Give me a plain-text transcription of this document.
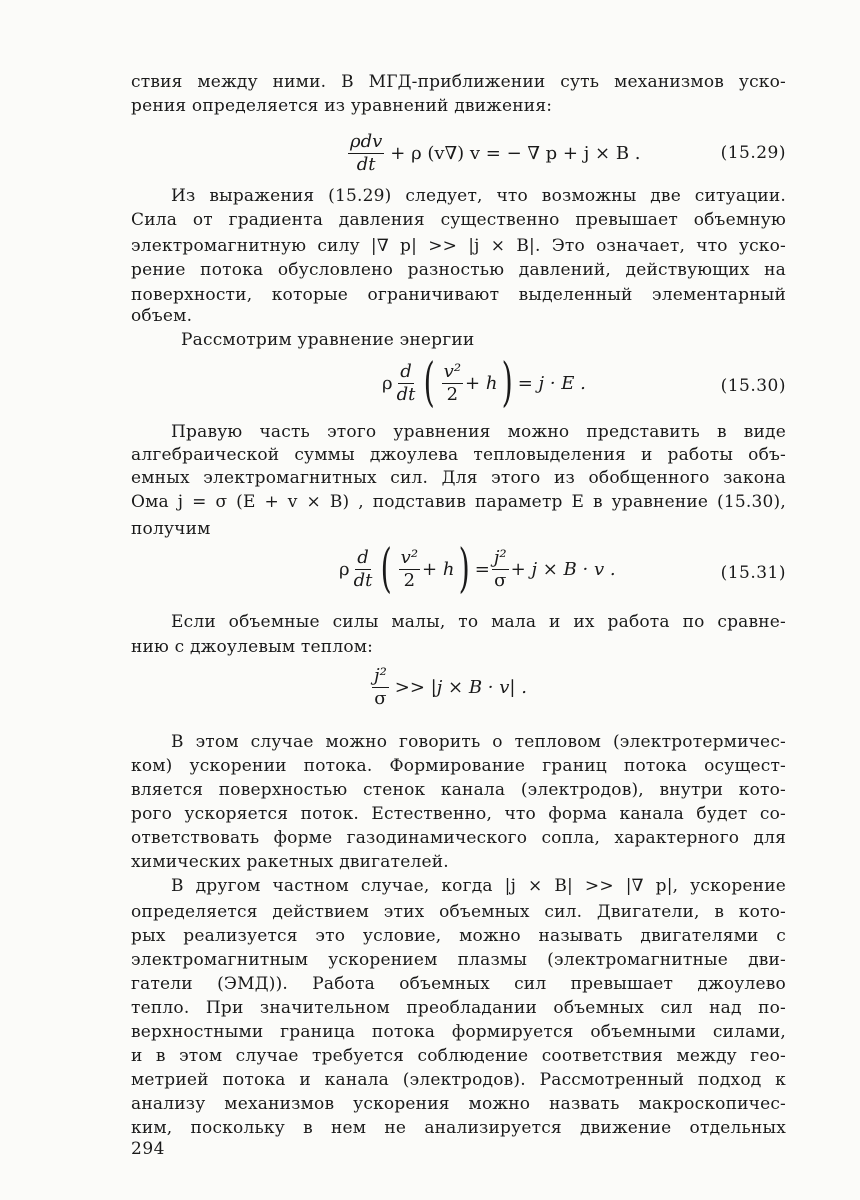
ствия между ними. В МГД-приближении суть механизмов уско-
рения определяется из уравнений движения:
$\frac{\text{ρdv}}{dt} + \rho$ (v∇) v = − ∇ p + j × B .	(15.29)
Из выражения (15.29) следует, что возможны две ситуации.
Сила от градиента давления существенно превышает объемную
электромагнитную силу |∇ p| >> |j × B|. Это означает, что уско-
рение потока обусловлено разностью давлений, действующих на
поверхности, которые ограничивают выделенный элементарный
объем.
Рассмотрим уравнение энергии
ρ $\frac{d}{dt}$ ( $\frac{\text{v²}}{2} + h$ ) = j · E .	(15.30)
Правую часть этого уравнения можно представить в виде
алгебраической суммы джоулева тепловыделения и работы объ-
емных электромагнитных сил. Для этого из обобщенного закона
Ома j = σ (E + v × B) , подставив параметр E в уравнение (15.30),
получим
ρ $\frac{d}{dt}$ ( $\frac{\text{v²}}{2} + h$ ) = $\frac{\text{j²}}{\sigma} + j \times B \cdot v$ .	(15.31)
Если объемные силы малы, то мала и их работа по сравне-
нию с джоулевым теплом:
$\frac{\text{j²}}{\sigma} >> |j \times B \cdot v|$ .
В этом случае можно говорить о тепловом (электротермичес-
ком) ускорении потока. Формирование границ потока осущест-
вляется поверхностью стенок канала (электродов), внутри кото-
рого ускоряется поток. Естественно, что форма канала будет со-
ответствовать форме газодинамического сопла, характерного для
химических ракетных двигателей.
В другом частном случае, когда |j × B| >> |∇ p|, ускорение
определяется действием этих объемных сил. Двигатели, в кото-
рых реализуется это условие, можно называть двигателями с
электромагнитным ускорением плазмы (электромагнитные дви-
гатели (ЭМД)). Работа объемных сил превышает джоулево
тепло. При значительном преобладании объемных сил над по-
верхностными граница потока формируется объемными силами,
и в этом случае требуется соблюдение соответствия между гео-
метрией потока и канала (электродов). Рассмотренный подход к
анализу механизмов ускорения можно назвать макроскопичес-
ким, поскольку в нем не анализируется движение отдельных
294
